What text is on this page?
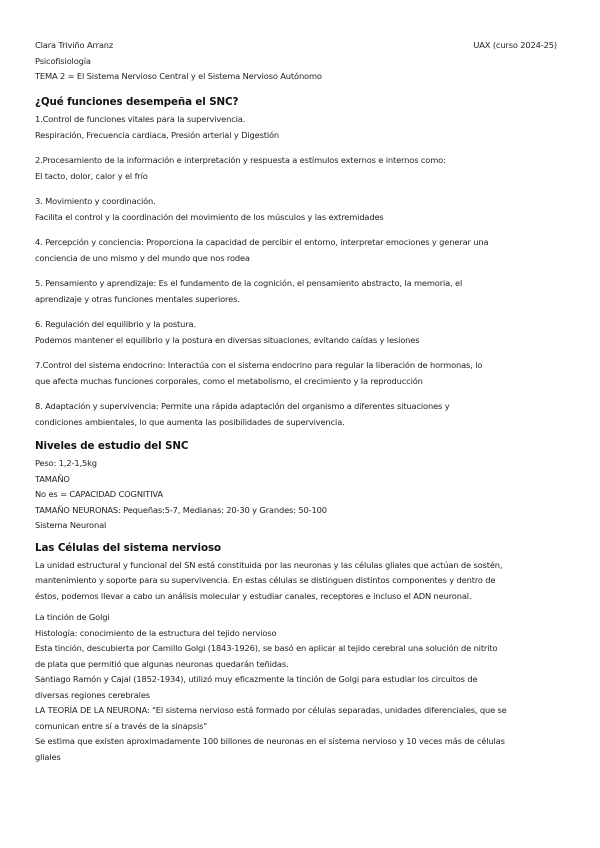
Clara Triviño Arranz
Psicofisiología
TEMA 2 = El Sistema Nervioso Central y el Sistema Nervioso Autónomo
UAX (curso 2024-25)
¿Qué funciones desempeña el SNC?

1.Control de funciones vitales para la supervivencia.

Respiración, Frecuencia cardiaca, Presión arterial y Digestión

2.Procesamiento de la información e interpretación y respuesta a estímulos externos e internos como:

El tacto, dolor, calor y el frío

3. Movimiento y coordinación.

Facilita el control y la coordinación del movimiento de los músculos y las extremidades

4. Percepción y conciencia: Proporciona la capacidad de percibir el entorno, interpretar emociones y generar una

conciencia de uno mismo y del mundo que nos rodea

5. Pensamiento y aprendizaje: Es el fundamento de la cognición, el pensamiento abstracto, la memoria, el

aprendizaje y otras funciones mentales superiores.

6. Regulación del equilibrio y la postura.

Podemos mantener el equilibrio y la postura en diversas situaciones, evitando caídas y lesiones

7.Control del sistema endocrino: Interactúa con el sistema endocrino para regular la liberación de hormonas, lo

que afecta muchas funciones corporales, como el metabolismo, el crecimiento y la reproducción

8. Adaptación y supervivencia: Permite una rápida adaptación del organismo a diferentes situaciones y

condiciones ambientales, lo que aumenta las posibilidades de supervivencia.

Niveles de estudio del SNC

Peso: 1,2-1,5kg

TAMAÑO

No es = CAPACIDAD COGNITIVA

TAMAÑO NEURONAS: Pequeñas:5-7, Medianas: 20-30 y Grandes: 50-100

Sistema Neuronal

Las Células del sistema nervioso

La unidad estructural y funcional del SN está constituida por las neuronas y las células gliales que actúan de sostén,

mantenimiento y soporte para su supervivencia. En estas células se distinguen distintos componentes y dentro de

éstos, podemos llevar a cabo un análisis molecular y estudiar canales, receptores e incluso el ADN neuronal.

La tinción de Golgi

Histología: conocimiento de la estructura del tejido nervioso

Esta tinción, descubierta por Camillo Golgi (1843-1926), se basó en aplicar al tejido cerebral una solución de nitrito

de plata que permitió que algunas neuronas quedarán teñidas.

Santiago Ramón y Cajal (1852-1934), utilizó muy eficazmente la tinción de Golgi para estudiar los circuitos de

diversas regiones cerebrales

LA TEORÍA DE LA NEURONA: "El sistema nervioso está formado por células separadas, unidades diferenciales, que se

comunican entre sí a través de la sinapsis"

Se estima que existen aproximadamente 100 billones de neuronas en el sistema nervioso y 10 veces más de células

gliales
